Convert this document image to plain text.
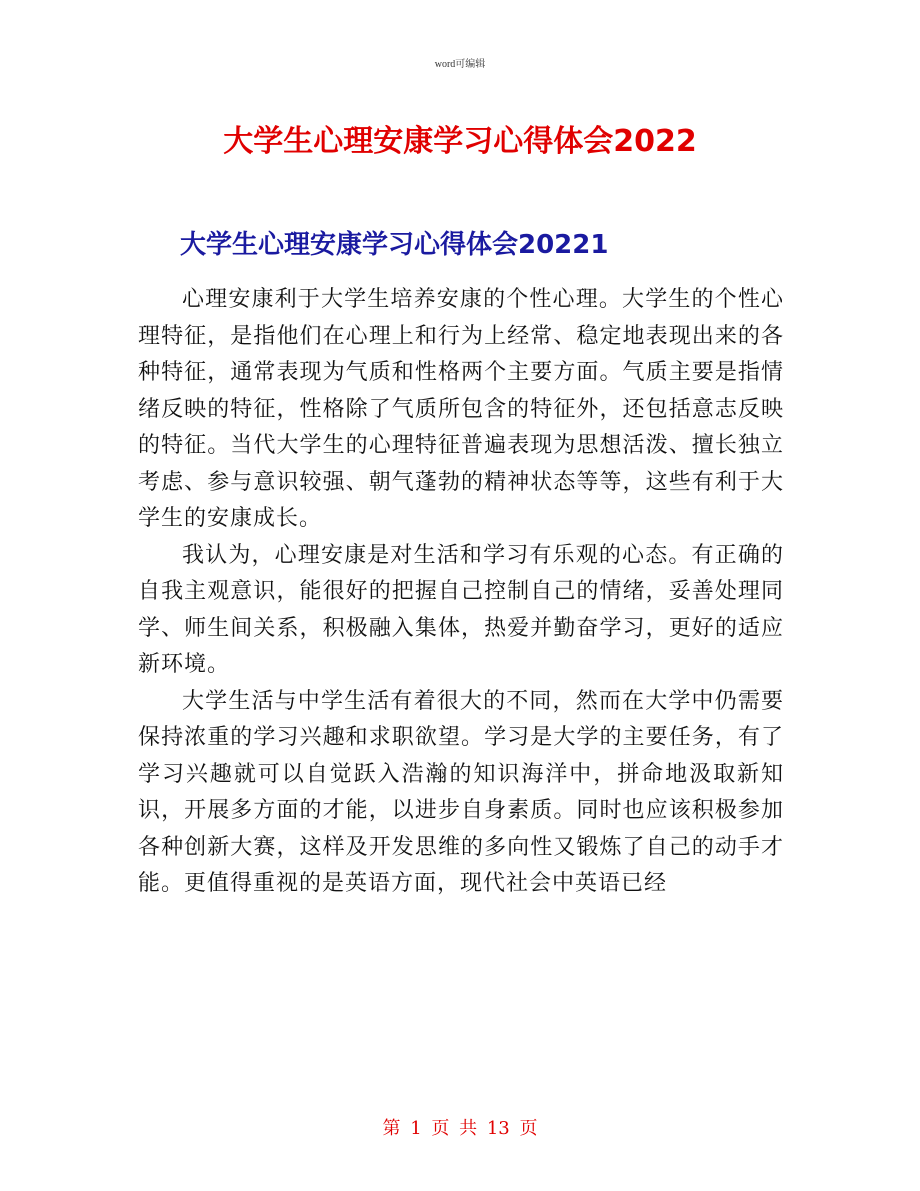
word可编辑
大学生心理安康学习心得体会2022
大学生心理安康学习心得体会20221

心理安康利于大学生培养安康的个性心理。大学生的个性心理特征，是指他们在心理上和行为上经常、稳定地表现出来的各种特征，通常表现为气质和性格两个主要方面。气质主要是指情绪反映的特征，性格除了气质所包含的特征外，还包括意志反映的特征。当代大学生的心理特征普遍表现为思想活泼、擅长独立考虑、参与意识较强、朝气蓬勃的精神状态等等，这些有利于大学生的安康成长。

我认为，心理安康是对生活和学习有乐观的心态。有正确的自我主观意识，能很好的把握自己控制自己的情绪，妥善处理同学、师生间关系，积极融入集体，热爱并勤奋学习，更好的适应新环境。

大学生活与中学生活有着很大的不同，然而在大学中仍需要保持浓重的学习兴趣和求职欲望。学习是大学的主要任务，有了学习兴趣就可以自觉跃入浩瀚的知识海洋中，拼命地汲取新知识，开展多方面的才能，以进步自身素质。同时也应该积极参加各种创新大赛，这样及开发思维的多向性又锻炼了自己的动手才能。更值得重视的是英语方面，现代社会中英语已经

第 1 页 共 13 页
